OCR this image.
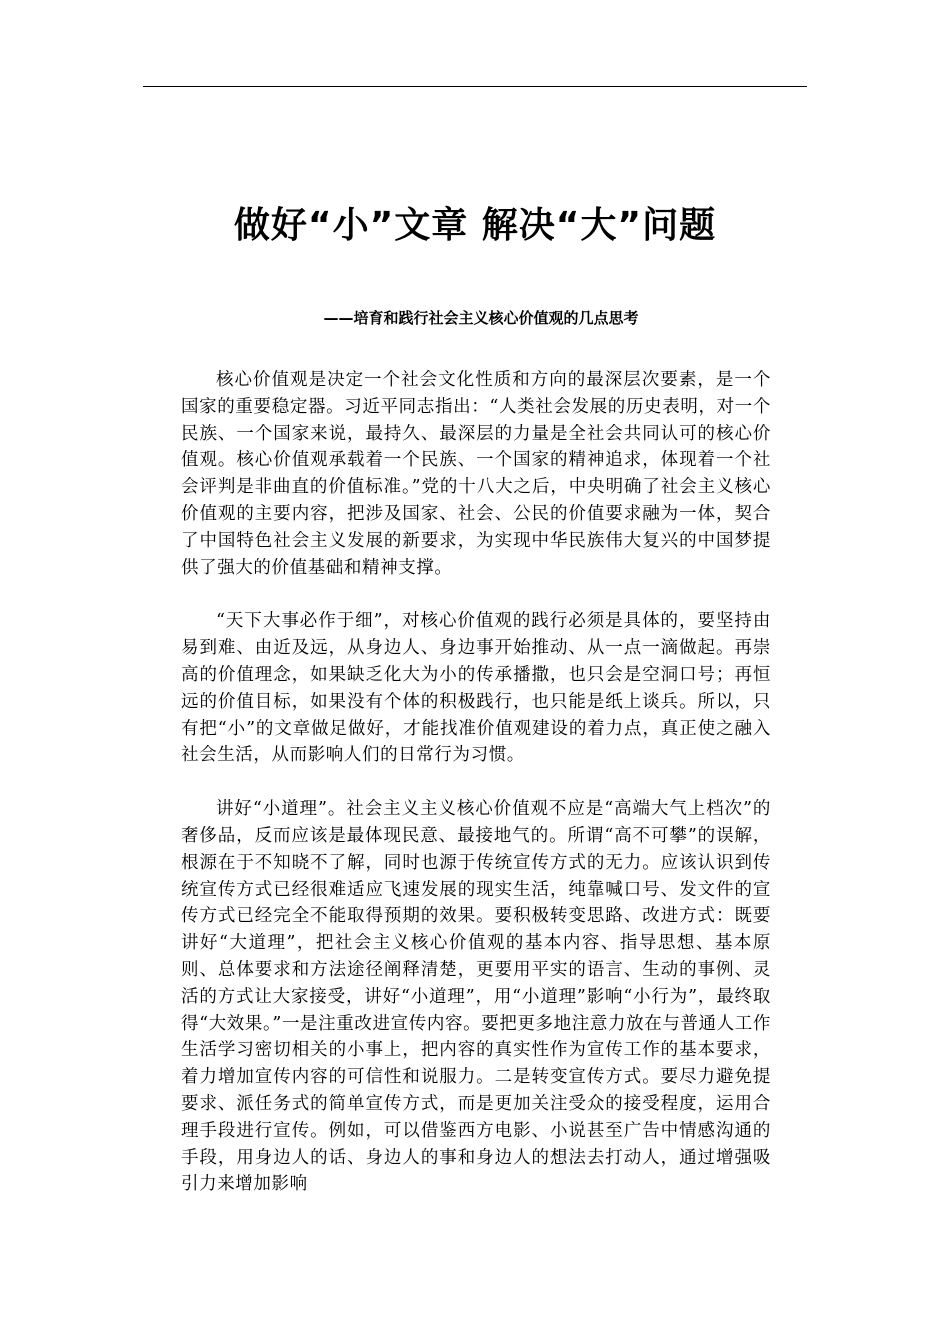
做好“小”文章 解决“大”问题
——培育和践行社会主义核心价值观的几点思考

核心价值观是决定一个社会文化性质和方向的最深层次要素，是一个国家的重要稳定器。习近平同志指出：“人类社会发展的历史表明，对一个民族、一个国家来说，最持久、最深层的力量是全社会共同认可的核心价值观。核心价值观承载着一个民族、一个国家的精神追求，体现着一个社会评判是非曲直的价值标准。”党的十八大之后，中央明确了社会主义核心价值观的主要内容，把涉及国家、社会、公民的价值要求融为一体，契合了中国特色社会主义发展的新要求，为实现中华民族伟大复兴的中国梦提供了强大的价值基础和精神支撑。

“天下大事必作于细”，对核心价值观的践行必须是具体的，要坚持由易到难、由近及远，从身边人、身边事开始推动、从一点一滴做起。再崇高的价值理念，如果缺乏化大为小的传承播撒，也只会是空洞口号；再恒远的价值目标，如果没有个体的积极践行，也只能是纸上谈兵。所以，只有把“小”的文章做足做好，才能找准价值观建设的着力点，真正使之融入社会生活，从而影响人们的日常行为习惯。

讲好“小道理”。社会主义主义核心价值观不应是“高端大气上档次”的奢侈品，反而应该是最体现民意、最接地气的。所谓“高不可攀”的误解，根源在于不知晓不了解，同时也源于传统宣传方式的无力。应该认识到传统宣传方式已经很难适应飞速发展的现实生活，纯靠喊口号、发文件的宣传方式已经完全不能取得预期的效果。要积极转变思路、改进方式：既要讲好“大道理”，把社会主义核心价值观的基本内容、指导思想、基本原则、总体要求和方法途径阐释清楚，更要用平实的语言、生动的事例、灵活的方式让大家接受，讲好“小道理”，用“小道理”影响“小行为”，最终取得“大效果。”一是注重改进宣传内容。要把更多地注意力放在与普通人工作生活学习密切相关的小事上，把内容的真实性作为宣传工作的基本要求，着力增加宣传内容的可信性和说服力。二是转变宣传方式。要尽力避免提要求、派任务式的简单宣传方式，而是更加关注受众的接受程度，运用合理手段进行宣传。例如，可以借鉴西方电影、小说甚至广告中情感沟通的手段，用身边人的话、身边人的事和身边人的想法去打动人，通过增强吸引力来增加影响
